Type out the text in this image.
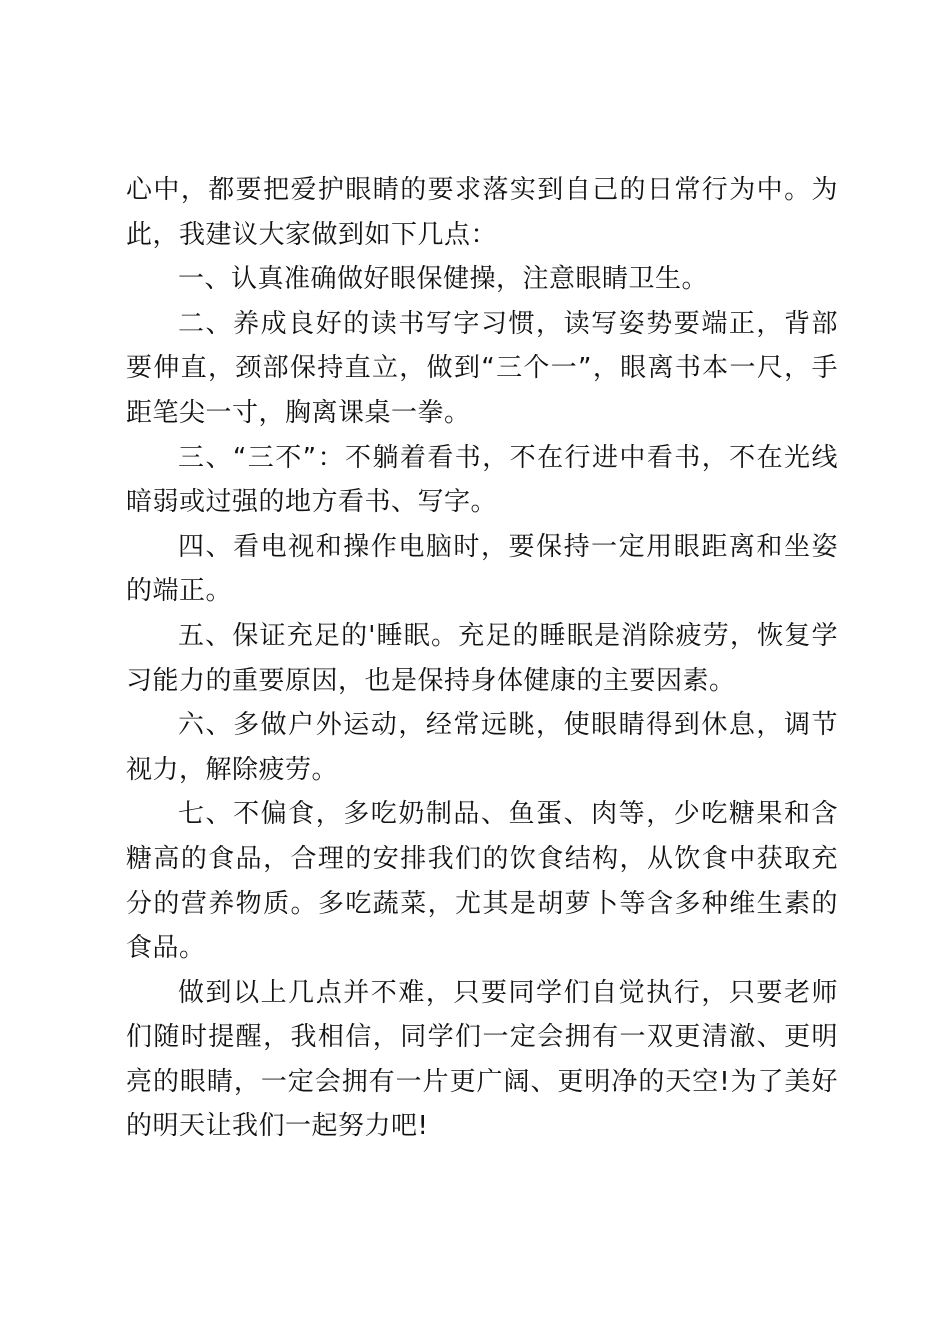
心中，都要把爱护眼睛的要求落实到自己的日常行为中。为此，我建议大家做到如下几点：

一、认真准确做好眼保健操，注意眼睛卫生。

二、养成良好的读书写字习惯，读写姿势要端正，背部要伸直，颈部保持直立，做到“三个一”，眼离书本一尺，手距笔尖一寸，胸离课桌一拳。

三、“三不”：不躺着看书，不在行进中看书，不在光线暗弱或过强的地方看书、写字。

四、看电视和操作电脑时，要保持一定用眼距离和坐姿的端正。

五、保证充足的'睡眠。充足的睡眠是消除疲劳，恢复学习能力的重要原因，也是保持身体健康的主要因素。

六、多做户外运动，经常远眺，使眼睛得到休息，调节视力，解除疲劳。

七、不偏食，多吃奶制品、鱼蛋、肉等，少吃糖果和含糖高的食品，合理的安排我们的饮食结构，从饮食中获取充分的营养物质。多吃蔬菜，尤其是胡萝卜等含多种维生素的食品。

做到以上几点并不难，只要同学们自觉执行，只要老师们随时提醒，我相信，同学们一定会拥有一双更清澈、更明亮的眼睛，一定会拥有一片更广阔、更明净的天空!为了美好的明天让我们一起努力吧!
